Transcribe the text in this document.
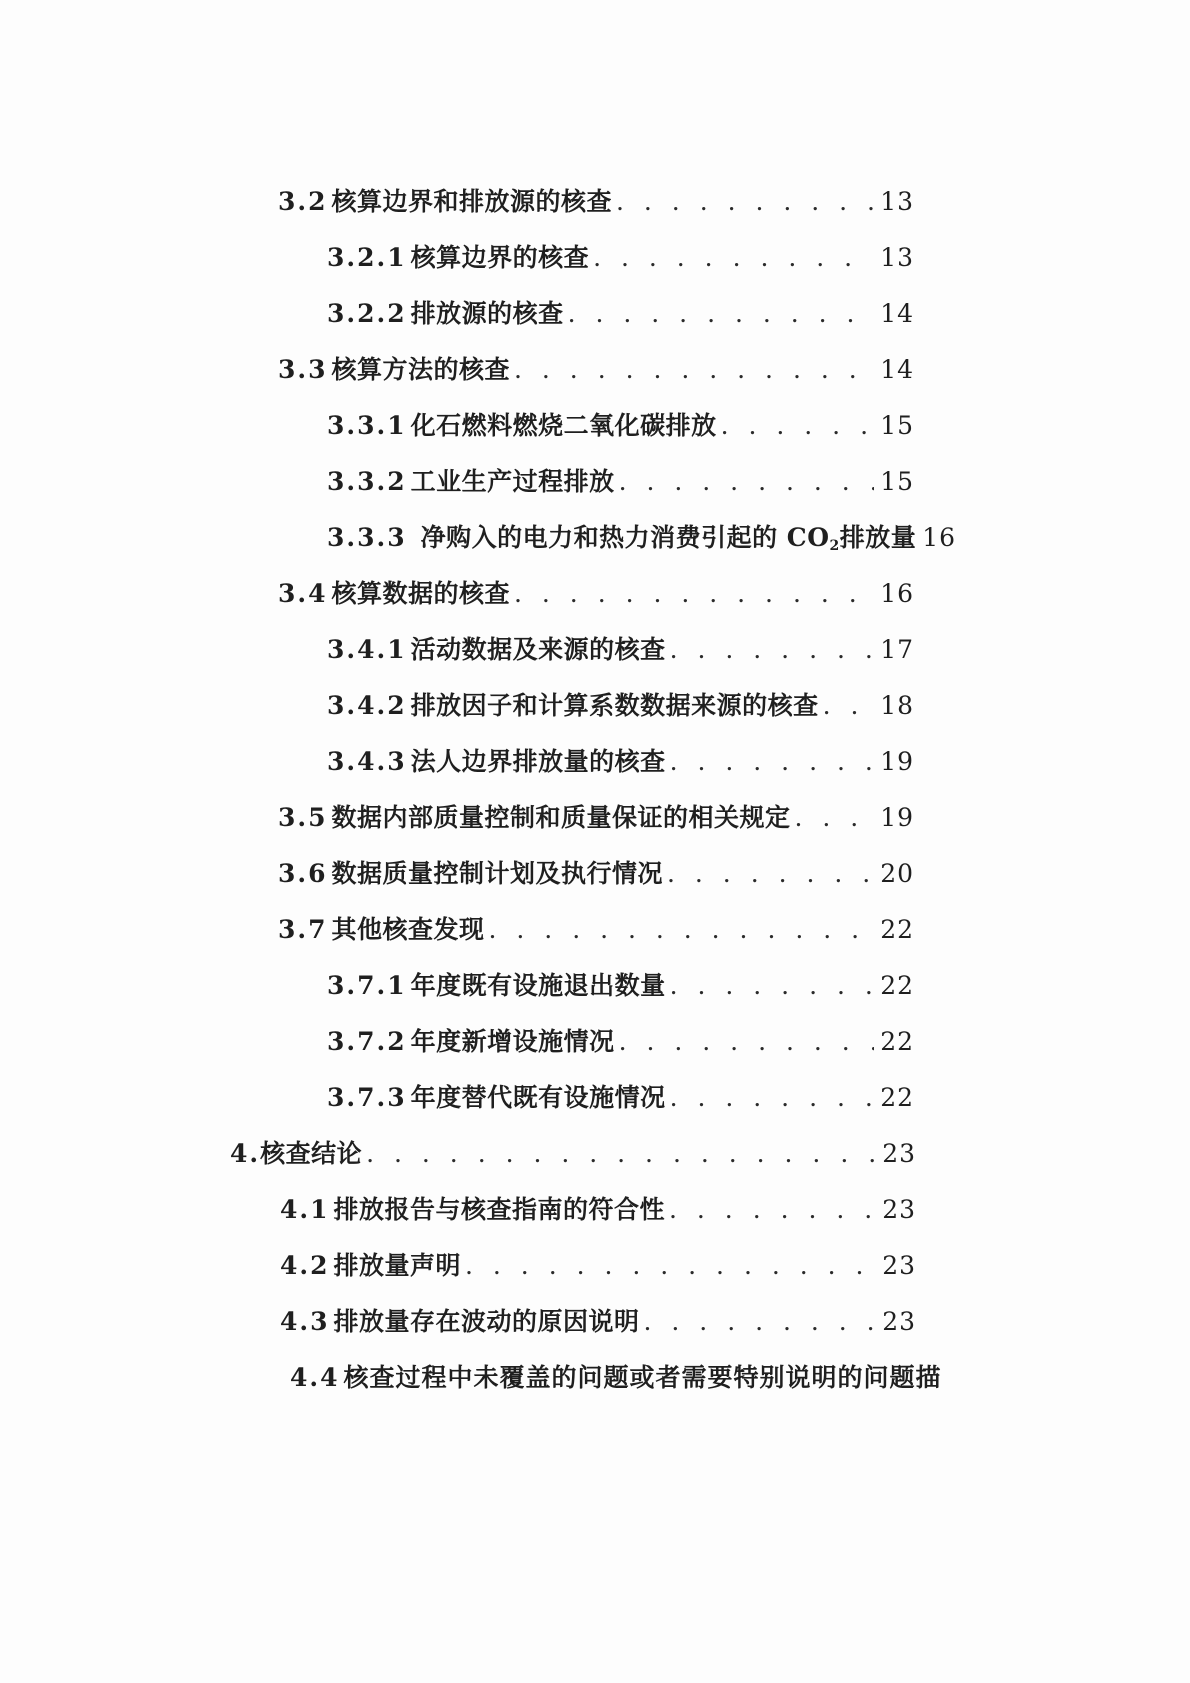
3.2 核算边界和排放源的核查 . . .	13
3.2.1 核算边界的核查 . . .	13
3.2.2 排放源的核查 . . .	14
3.3 核算方法的核查 . . .	14
3.3.1 化石燃料燃烧二氧化碳排放 . . .	15
3.3.2 工业生产过程排放 . . .	15
3.3.3 净购入的电力和热力消费引起的 $CO_2$排放量 16
3.4 核算数据的核查 . . .	16
3.4.1 活动数据及来源的核查 . . .	17
3.4.2 排放因子和计算系数数据来源的核查 . . . 18
3.4.3 法人边界排放量的核查 . . .	19
3.5 数据内部质量控制和质量保证的相关规定 . . .	19
3.6 数据质量控制计划及执行情况 . . .	20
3.7 其他核查发现 . . .	22
3.7.1 年度既有设施退出数量 . . .	22
3.7.2 年度新增设施情况 . . .	22
3.7.3 年度替代既有设施情况 . . .	22
4. 核查结论 . . .	23
4.1 排放报告与核查指南的符合性 . . .	23
4.2 排放量声明 . . .	23
4.3 排放量存在波动的原因说明 . . .	23
4.4 核查过程中未覆盖的问题或者需要特别说明的问题描
